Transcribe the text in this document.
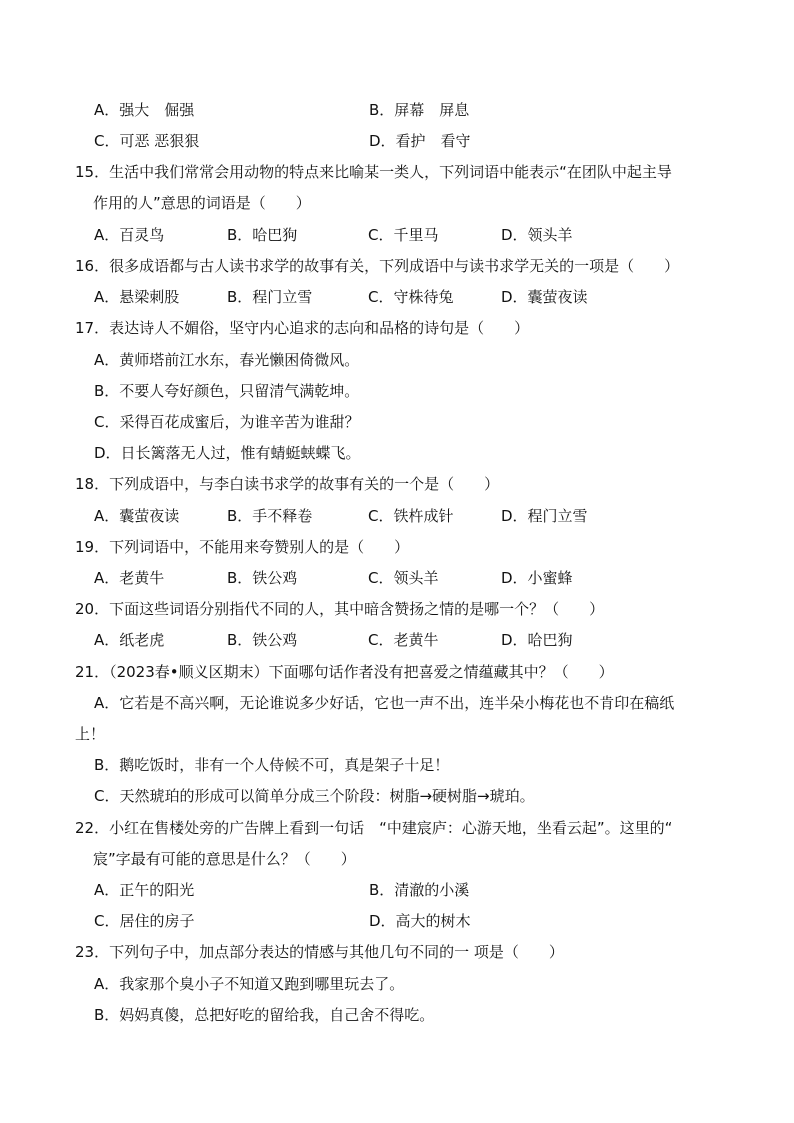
A．强大　倔强	B．屏幕　屏息
C．可恶 恶狠狠	D．看护　看守
15．生活中我们常常会用动物的特点来比喻某一类人，下列词语中能表示“在团队中起主导
作用的人”意思的词语是（　　）
A．百灵鸟	B．哈巴狗	C．千里马	D．领头羊
16．很多成语都与古人读书求学的故事有关，下列成语中与读书求学无关的一项是（　　）
A．悬梁刺股	B．程门立雪	C．守株待兔	D．囊萤夜读
17．表达诗人不媚俗，坚守内心追求的志向和品格的诗句是（　　）
A．黄师塔前江水东，春光懒困倚微风。
B．不要人夸好颜色，只留清气满乾坤。
C．采得百花成蜜后，为谁辛苦为谁甜？
D．日长篱落无人过，惟有蜻蜓蛱蝶飞。
18．下列成语中，与李白读书求学的故事有关的一个是（　　）
A．囊萤夜读	B．手不释卷	C．铁杵成针	D．程门立雪
19．下列词语中，不能用来夸赞别人的是（　　）
A．老黄牛	B．铁公鸡	C．领头羊	D．小蜜蜂
20．下面这些词语分别指代不同的人，其中暗含赞扬之情的是哪一个？（　　）
A．纸老虎	B．铁公鸡	C．老黄牛	D．哈巴狗
21．（2023春•顺义区期末）下面哪句话作者没有把喜爱之情蕴藏其中？（　　）
A．它若是不高兴啊，无论谁说多少好话，它也一声不出，连半朵小梅花也不肯印在稿纸
上！
B．鹅吃饭时，非有一个人侍候不可，真是架子十足！
C．天然琥珀的形成可以简单分成三个阶段：树脂→硬树脂→琥珀。
22．小红在售楼处旁的广告牌上看到一句话　“中建宸庐：心游天地，坐看云起”。这里的“
宸”字最有可能的意思是什么？（　　）
A．正午的阳光	B．清澈的小溪
C．居住的房子	D．高大的树木
23．下列句子中，加点部分表达的情感与其他几句不同的一 项是（　　）
A．我家那个臭小子不知道又跑到哪里玩去了。
B．妈妈真傻，总把好吃的留给我，自己舍不得吃。
